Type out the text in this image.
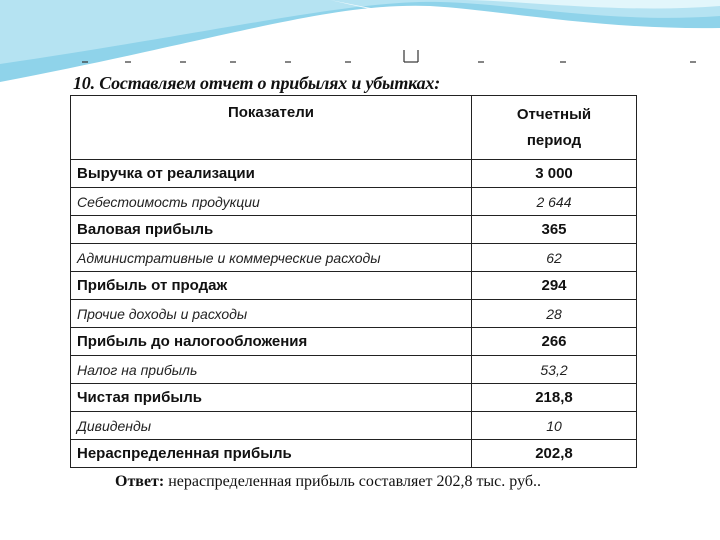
10. Составляем отчет о прибылях и убытках:
Показатели	Отчетный
период

Выручка от реализации	3 000
Себестоимость продукции	2 644
Валовая прибыль	365
Административные и коммерческие расходы	62
Прибыль от продаж	294
Прочие доходы и расходы	28
Прибыль до налогообложения	266
Налог на прибыль	53,2
Чистая прибыль	218,8
Дивиденды	10
Нераспределенная прибыль	202,8
Ответ: нераспределенная прибыль составляет 202,8 тыс. руб..
